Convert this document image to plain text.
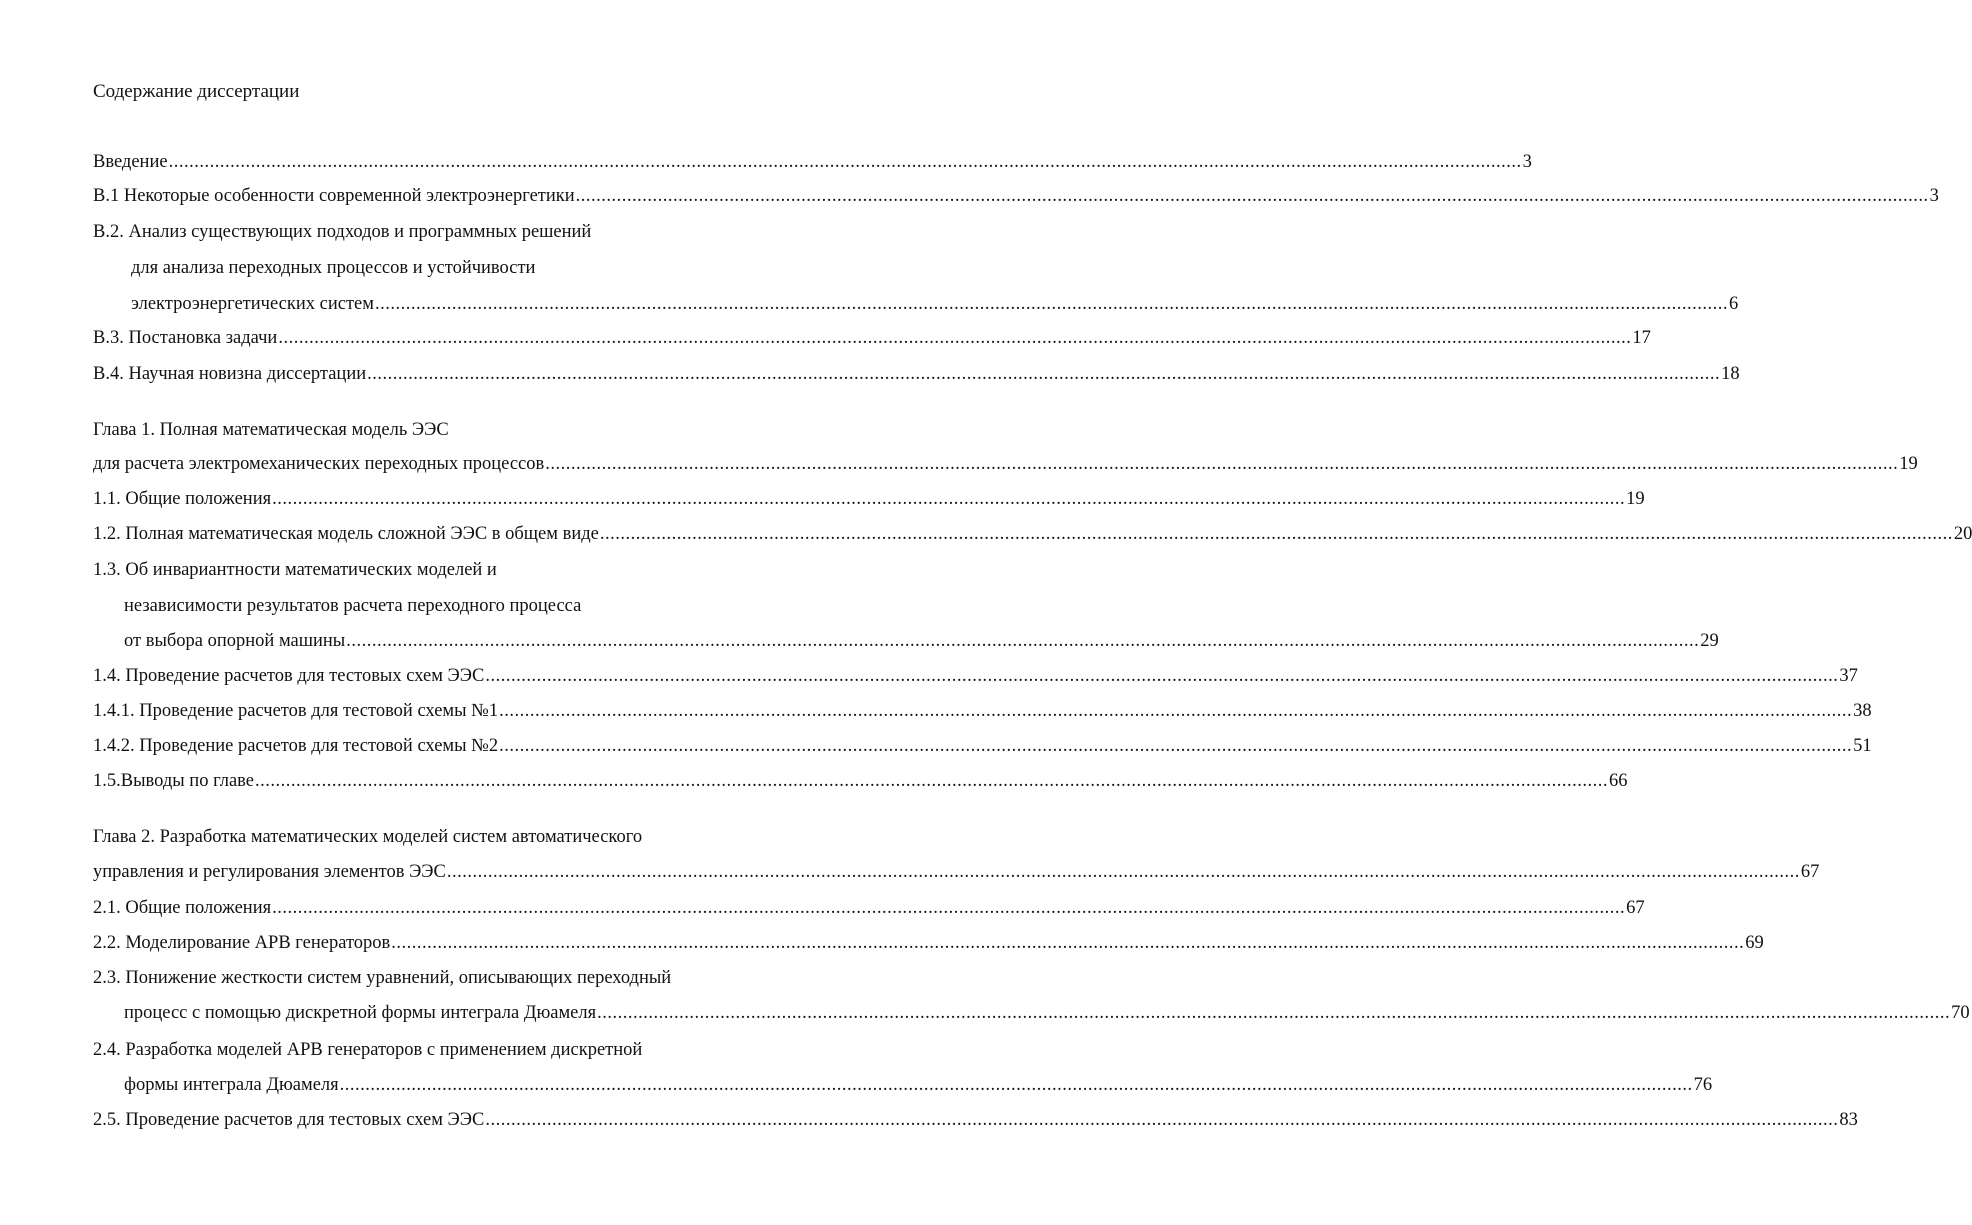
Содержание диссертации
Введение ........................................................................................................................................................................................................................................................................ 3
В.1 Некоторые особенности современной электроэнергетики ........................................................................................................................................................................................................................................................................ 3
В.2. Анализ существующих подходов и программных решений
для анализа переходных процессов и устойчивости
электроэнергетических систем ........................................................................................................................................................................................................................................................................ 6
В.3. Постановка задачи ........................................................................................................................................................................................................................................................................ 17
В.4. Научная новизна диссертации ........................................................................................................................................................................................................................................................................ 18
Глава 1. Полная математическая модель ЭЭС
для расчета электромеханических переходных процессов ........................................................................................................................................................................................................................................................................ 19
1.1. Общие положения ........................................................................................................................................................................................................................................................................ 19
1.2. Полная математическая модель сложной ЭЭС в общем виде ........................................................................................................................................................................................................................................................................ 20
1.3. Об инвариантности математических моделей и
независимости результатов расчета переходного процесса
от выбора опорной машины ........................................................................................................................................................................................................................................................................ 29
1.4. Проведение расчетов для тестовых схем ЭЭС ........................................................................................................................................................................................................................................................................ 37
1.4.1. Проведение расчетов для тестовой схемы №1 ........................................................................................................................................................................................................................................................................ 38
1.4.2. Проведение расчетов для тестовой схемы №2 ........................................................................................................................................................................................................................................................................ 51
1.5.Выводы по главе ........................................................................................................................................................................................................................................................................ 66
Глава 2. Разработка математических моделей систем автоматического
управления и регулирования элементов ЭЭС ........................................................................................................................................................................................................................................................................ 67
2.1. Общие положения ........................................................................................................................................................................................................................................................................ 67
2.2. Моделирование АРВ генераторов ........................................................................................................................................................................................................................................................................ 69
2.3. Понижение жесткости систем уравнений, описывающих переходный
процесс с помощью дискретной формы интеграла Дюамеля ........................................................................................................................................................................................................................................................................ 70
2.4. Разработка моделей АРВ генераторов с применением дискретной
формы интеграла Дюамеля ........................................................................................................................................................................................................................................................................ 76
2.5. Проведение расчетов для тестовых схем ЭЭС ........................................................................................................................................................................................................................................................................ 83
